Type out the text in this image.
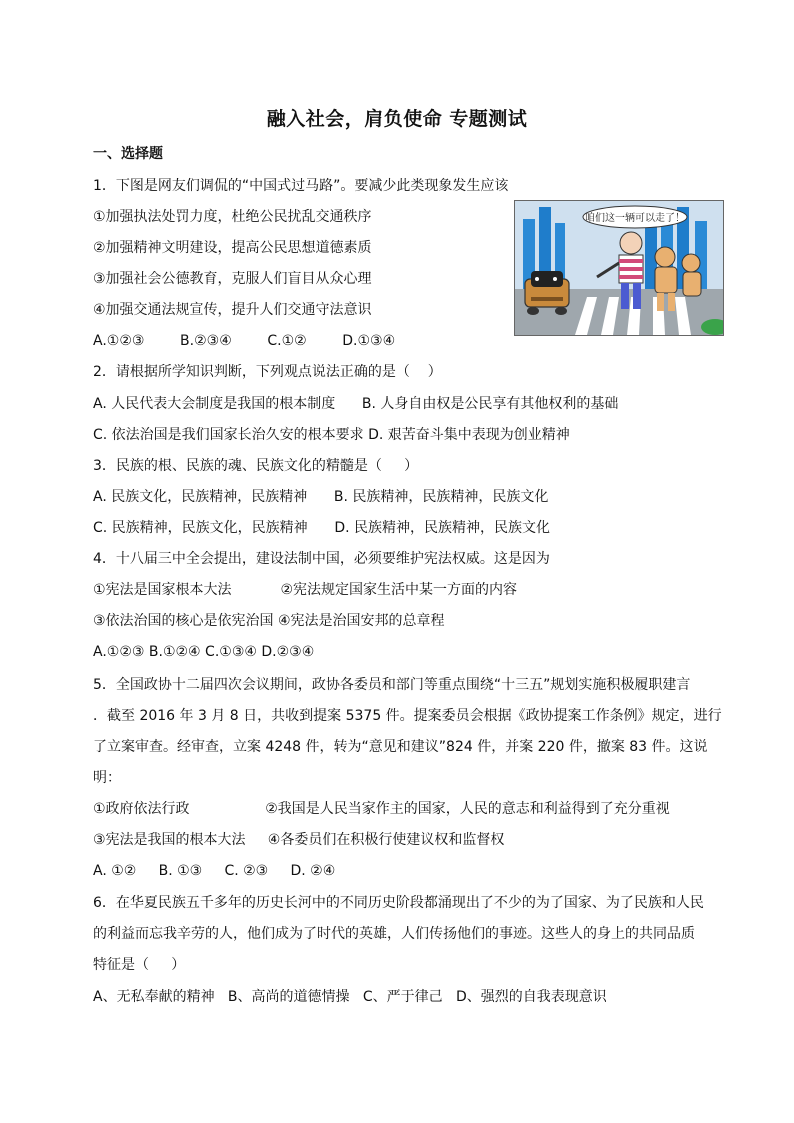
融入社会，肩负使命 专题测试
一、选择题
1．下图是网友们调侃的“中国式过马路”。要减少此类现象发生应该
①加强执法处罚力度，杜绝公民扰乱交通秩序
②加强精神文明建设，提高公民思想道德素质
③加强社会公德教育，克服人们盲目从众心理
④加强交通法规宣传，提升人们交通守法意识
A.①②③        B.②③④        C.①②        D.①③④
2．请根据所学知识判断，下列观点说法正确的是（    ）
A. 人民代表大会制度是我国的根本制度      B. 人身自由权是公民享有其他权利的基础
C. 依法治国是我们国家长治久安的根本要求 D. 艰苦奋斗集中表现为创业精神
3．民族的根、民族的魂、民族文化的精髓是（     ）
A. 民族文化，民族精神，民族精神      B. 民族精神，民族精神，民族文化
C. 民族精神，民族文化，民族精神      D. 民族精神，民族精神，民族文化
4．十八届三中全会提出，建设法制中国，必须要维护宪法权威。这是因为
①宪法是国家根本大法           ②宪法规定国家生活中某一方面的内容
③依法治国的核心是依宪治国 ④宪法是治国安邦的总章程
A.①②③ B.①②④ C.①③④ D.②③④
5．全国政协十二届四次会议期间，政协各委员和部门等重点围绕“十三五”规划实施积极履职建言
．截至 2016 年 3 月 8 日，共收到提案 5375 件。提案委员会根据《政协提案工作条例》规定，进行
了立案审查。经审查，立案 4248 件，转为“意见和建议”824 件，并案 220 件，撤案 83 件。这说
明：
①政府依法行政                 ②我国是人民当家作主的国家，人民的意志和利益得到了充分重视
③宪法是我国的根本大法     ④各委员们在积极行使建议权和监督权
A. ①②     B. ①③     C. ②③     D. ②④
6．在华夏民族五千多年的历史长河中的不同历史阶段都涌现出了不少的为了国家、为了民族和人民
的利益而忘我辛劳的人，他们成为了时代的英雄，人们传扬他们的事迹。这些人的身上的共同品质
特征是（     ）
A、无私奉献的精神   B、高尚的道德情操   C、严于律己   D、强烈的自我表现意识
咱们这一辆可以走了！
